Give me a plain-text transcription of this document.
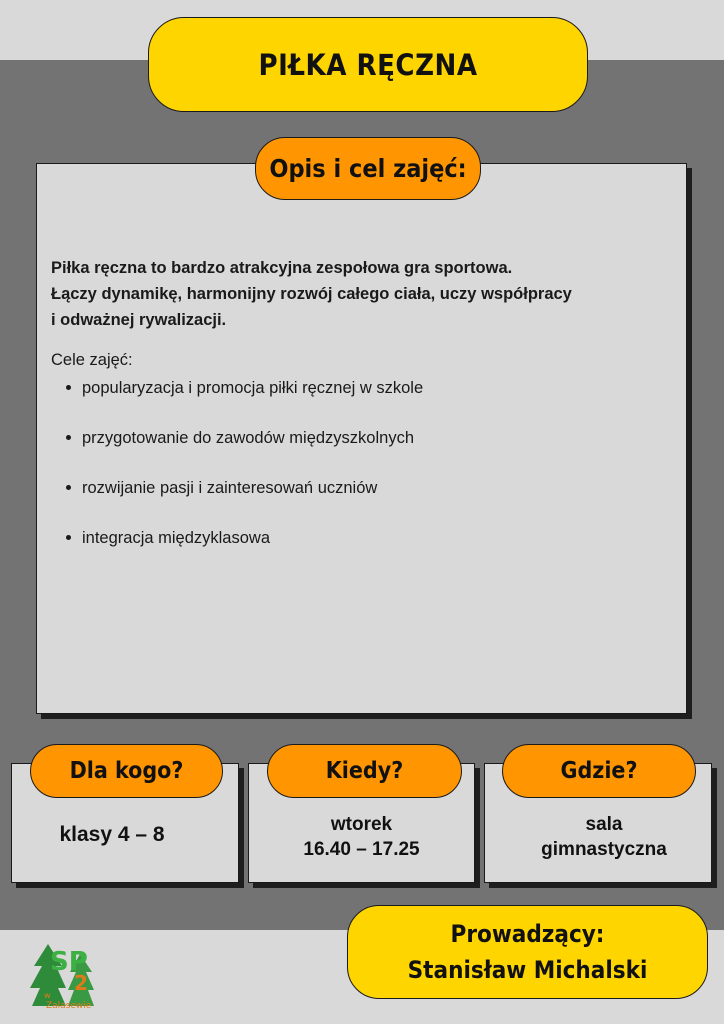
PIŁKA RĘCZNA
Opis i cel zajęć:
Piłka ręczna to bardzo atrakcyjna zespołowa gra sportowa.
Łączy dynamikę, harmonijny rozwój całego ciała, uczy współpracy
i odważnej rywalizacji.
Cele zajęć:
popularyzacja i promocja piłki ręcznej w szkole
przygotowanie do zawodów międzyszkolnych
rozwijanie pasji i zainteresowań uczniów
integracja międzyklasowa
Dla kogo?
klasy 4 – 8
Kiedy?
wtorek
16.40 – 17.25
Gdzie?
sala
gimnastyczna
Prowadzący:
Stanisław Michalski
SP
2
w
Zalasewie
